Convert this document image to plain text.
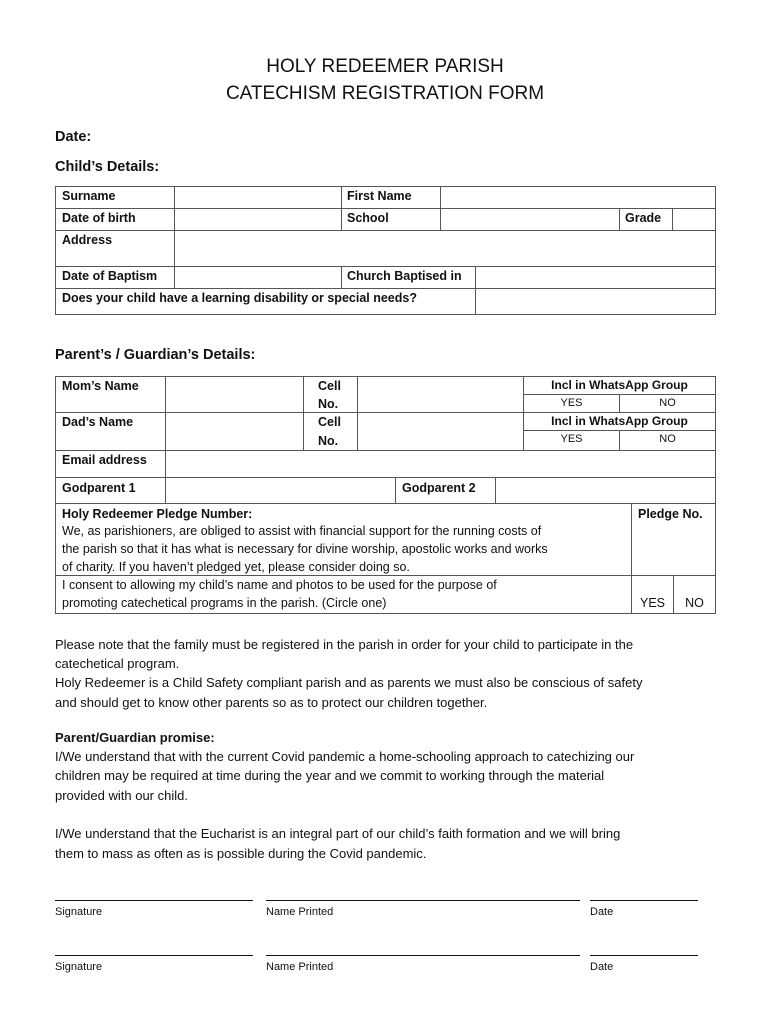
HOLY REDEEMER PARISH
CATECHISM REGISTRATION FORM
Date:
Child’s Details:
Surname	First Name
Date of birth	School	Grade
Address
Date of Baptism	Church Baptised in
Does your child have a learning disability or special needs?
Parent’s / Guardian’s Details:
Mom’s Name	Cell
No.
Incl in WhatsApp Group
YES	NO
Dad’s Name	Cell
No.
Incl in WhatsApp Group
YES	NO
Email address
Godparent 1	Godparent 2
Holy Redeemer Pledge Number:
We, as parishioners, are obliged to assist with financial support for the running costs of
the parish so that it has what is necessary for divine worship, apostolic works and works
of charity. If you haven’t pledged yet, please consider doing so.
Pledge No.
I consent to allowing my child’s name and photos to be used for the purpose of
promoting catechetical programs in the parish. (Circle one)	YES	NO
Please note that the family must be registered in the parish in order for your child to participate in the
catechetical program.
Holy Redeemer is a Child Safety compliant parish and as parents we must also be conscious of safety
and should get to know other parents so as to protect our children together.
Parent/Guardian promise:
I/We understand that with the current Covid pandemic a home-schooling approach to catechizing our
children may be required at time during the year and we commit to working through the material
provided with our child.
I/We understand that the Eucharist is an integral part of our child’s faith formation and we will bring
them to mass as often as is possible during the Covid pandemic.
Signature	Name Printed	Date
Signature	Name Printed	Date
